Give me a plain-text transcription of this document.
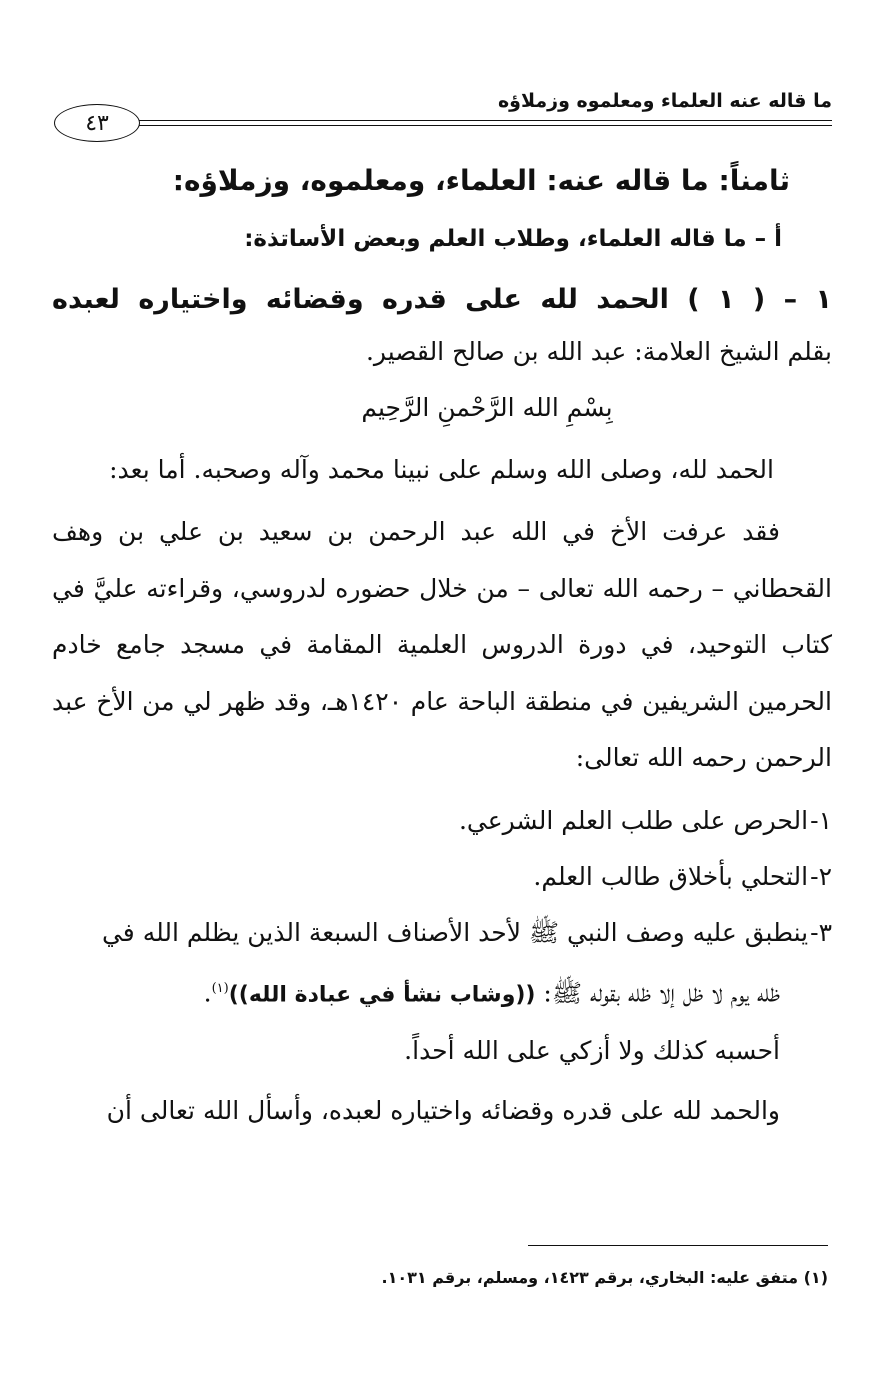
ما قاله عنه العلماء ومعلموه وزملاؤه
٤٣
ثامناً: ما قاله عنه: العلماء، ومعلموه، وزملاؤه:
أ – ما قاله العلماء، وطلاب العلم وبعض الأساتذة:
١ – ( ١ ) الحمد لله على قدره وقضائه واختياره لعبده
بقلم الشيخ العلامة: عبد الله بن صالح القصير.
بِسْمِ الله الرَّحْمنِ الرَّحِيم
الحمد لله، وصلى الله وسلم على نبينا محمد وآله وصحبه. أما بعد:
فقد عرفت الأخ في الله عبد الرحمن بن سعيد بن علي بن وهف القحطاني – رحمه الله تعالى – من خلال حضوره لدروسي، وقراءته عليَّ في كتاب التوحيد، في دورة الدروس العلمية المقامة في مسجد جامع خادم الحرمين الشريفين في منطقة الباحة عام ١٤٢٠هـ، وقد ظهر لي من الأخ عبد الرحمن رحمه الله تعالى:
١-الحرص على طلب العلم الشرعي.
٢-التحلي بأخلاق طالب العلم.
٣-ينطبق عليه وصف النبي ﷺ لأحد الأصناف السبعة الذين يظلم الله في
ظله يوم لا ظل إلا ظله بقوله ﷺ: ((وشاب نشأ في عبادة الله))$^{(١)}$.
أحسبه كذلك ولا أزكي على الله أحداً.
والحمد لله على قدره وقضائه واختياره لعبده، وأسأل الله تعالى أن
(١) متفق عليه: البخاري، برقم ١٤٢٣، ومسلم، برقم ١٠٣١.
